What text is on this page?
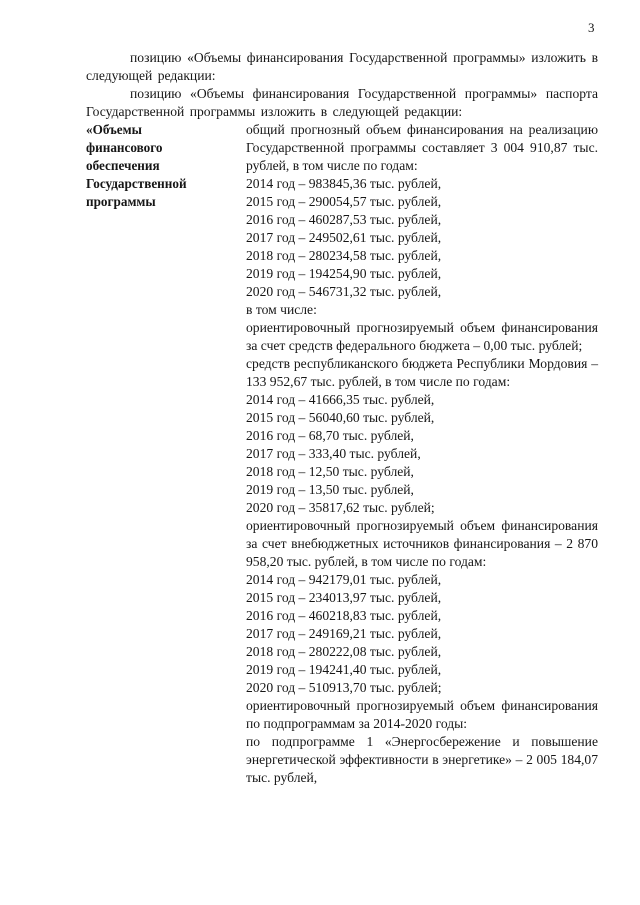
3

позицию «Объемы финансирования Государственной программы» изложить в следующей редакции:

позицию «Объемы финансирования Государственной программы» паспорта Государственной программы изложить в следующей редакции:

«Объемы
финансового
обеспечения
Государственной
программы
общий прогнозный объем финансирования на реализацию Государственной программы составляет 3 004 910,87 тыс. рублей, в том числе по годам:
2014 год – 983845,36 тыс. рублей,
2015 год – 290054,57 тыс. рублей,
2016 год – 460287,53 тыс. рублей,
2017 год – 249502,61 тыс. рублей,
2018 год – 280234,58 тыс. рублей,
2019 год – 194254,90 тыс. рублей,
2020 год – 546731,32 тыс. рублей,
в том числе:
ориентировочный прогнозируемый объем финансирования за счет средств федерального бюджета – 0,00 тыс. рублей;
средств республиканского бюджета Республики Мордовия – 133 952,67 тыс. рублей, в том числе по годам:
2014 год – 41666,35 тыс. рублей,
2015 год – 56040,60 тыс. рублей,
2016 год – 68,70 тыс. рублей,
2017 год – 333,40 тыс. рублей,
2018 год – 12,50 тыс. рублей,
2019 год – 13,50 тыс. рублей,
2020 год – 35817,62 тыс. рублей;
ориентировочный прогнозируемый объем финансирования за счет внебюджетных источников финансирования – 2 870 958,20 тыс. рублей, в том числе по годам:
2014 год – 942179,01 тыс. рублей,
2015 год – 234013,97 тыс. рублей,
2016 год – 460218,83 тыс. рублей,
2017 год – 249169,21 тыс. рублей,
2018 год – 280222,08 тыс. рублей,
2019 год – 194241,40 тыс. рублей,
2020 год – 510913,70 тыс. рублей;
ориентировочный прогнозируемый объем финансирования по подпрограммам за 2014-2020 годы:
по подпрограмме 1 «Энергосбережение и повышение энергетической эффективности в энергетике» – 2 005 184,07 тыс. рублей,
